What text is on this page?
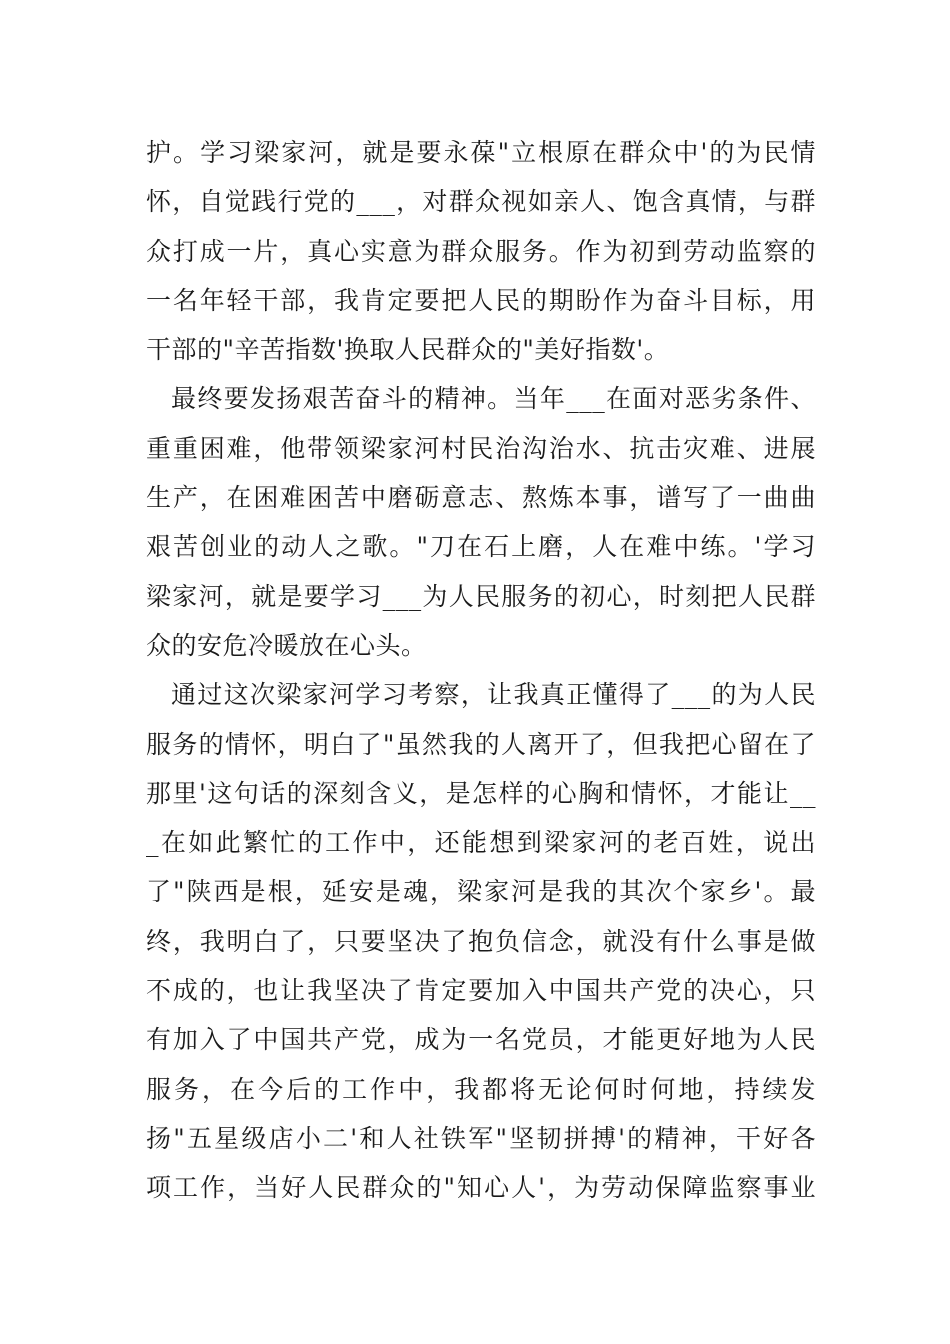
护。学习梁家河，就是要永葆"立根原在群众中'的为民情
怀，自觉践行党的___，对群众视如亲人、饱含真情，与群
众打成一片，真心实意为群众服务。作为初到劳动监察的
一名年轻干部，我肯定要把人民的期盼作为奋斗目标，用
干部的"辛苦指数'换取人民群众的"美好指数'。
最终要发扬艰苦奋斗的精神。当年___在面对恶劣条件、
重重困难，他带领梁家河村民治沟治水、抗击灾难、进展
生产，在困难困苦中磨砺意志、熬炼本事，谱写了一曲曲
艰苦创业的动人之歌。"刀在石上磨，人在难中练。'学习
梁家河，就是要学习___为人民服务的初心，时刻把人民群
众的安危冷暖放在心头。
通过这次梁家河学习考察，让我真正懂得了___的为人民
服务的情怀，明白了"虽然我的人离开了，但我把心留在了
那里'这句话的深刻含义，是怎样的心胸和情怀，才能让__
_在如此繁忙的工作中，还能想到梁家河的老百姓，说出
了"陕西是根，延安是魂，梁家河是我的其次个家乡'。最
终，我明白了，只要坚决了抱负信念，就没有什么事是做
不成的，也让我坚决了肯定要加入中国共产党的决心，只
有加入了中国共产党，成为一名党员，才能更好地为人民
服务，在今后的工作中，我都将无论何时何地，持续发
扬"五星级店小二'和人社铁军"坚韧拼搏'的精神，干好各
项工作，当好人民群众的"知心人'，为劳动保障监察事业
